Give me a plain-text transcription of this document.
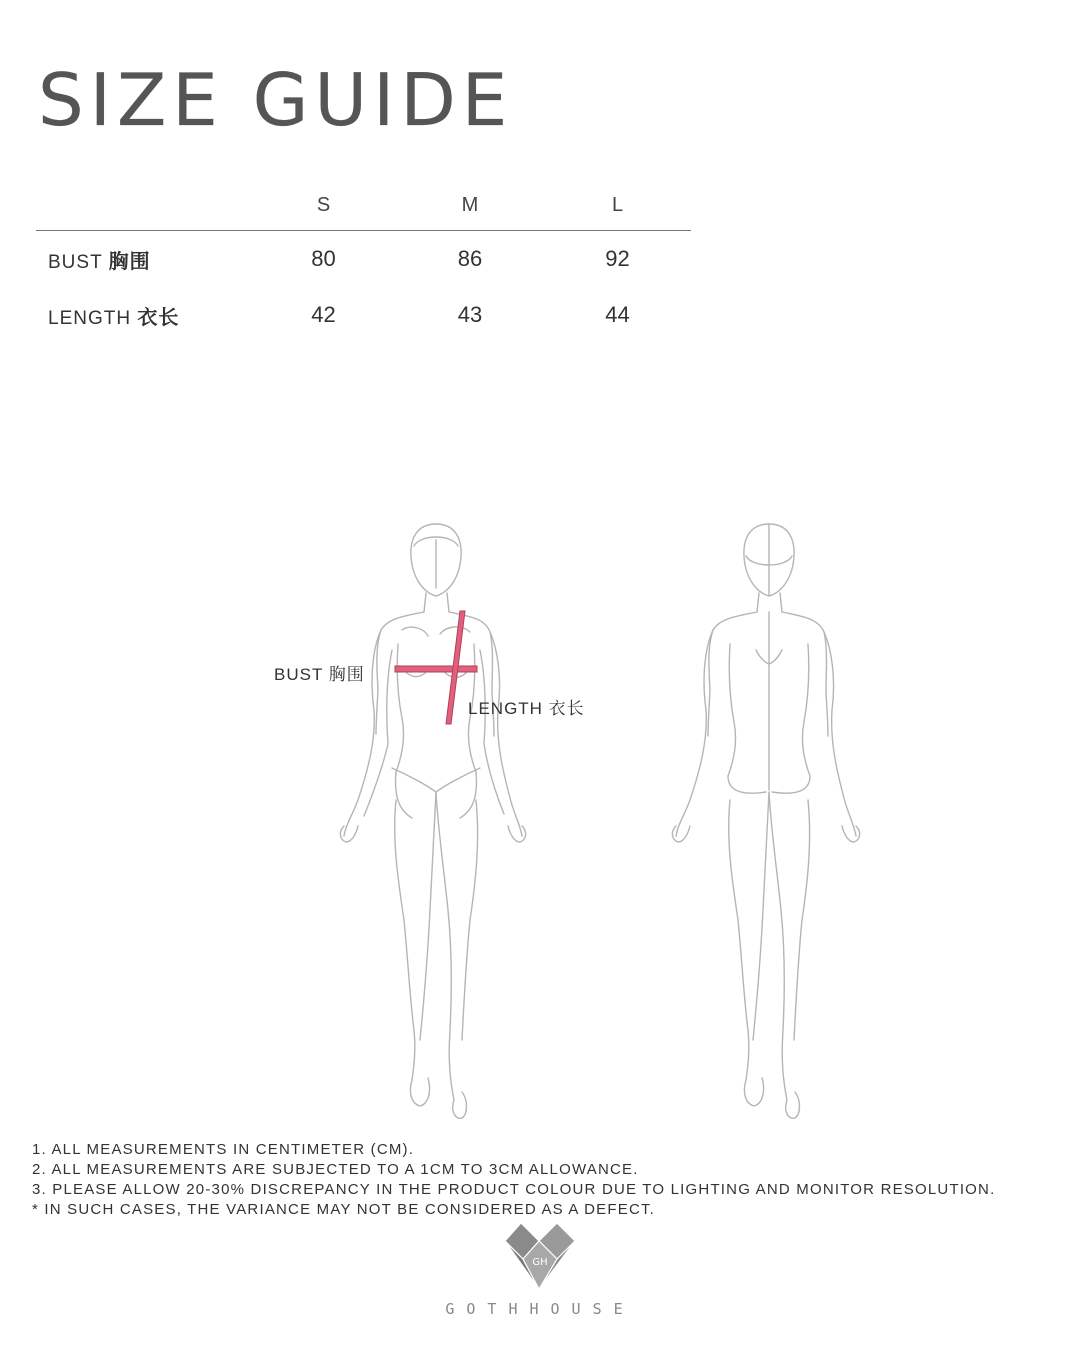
SIZE GUIDE
	S	M	L
BUST 胸围	80	86	92
LENGTH 衣长	42	43	44
BUST 胸围
LENGTH 衣长
1. ALL MEASUREMENTS IN CENTIMETER (CM).
2. ALL MEASUREMENTS ARE SUBJECTED TO A 1CM TO 3CM ALLOWANCE.
3. PLEASE ALLOW 20-30% DISCREPANCY IN THE PRODUCT COLOUR DUE TO LIGHTING AND MONITOR RESOLUTION.
* IN SUCH CASES, THE VARIANCE MAY NOT BE CONSIDERED AS A DEFECT.
GH
GOTHHOUSE
